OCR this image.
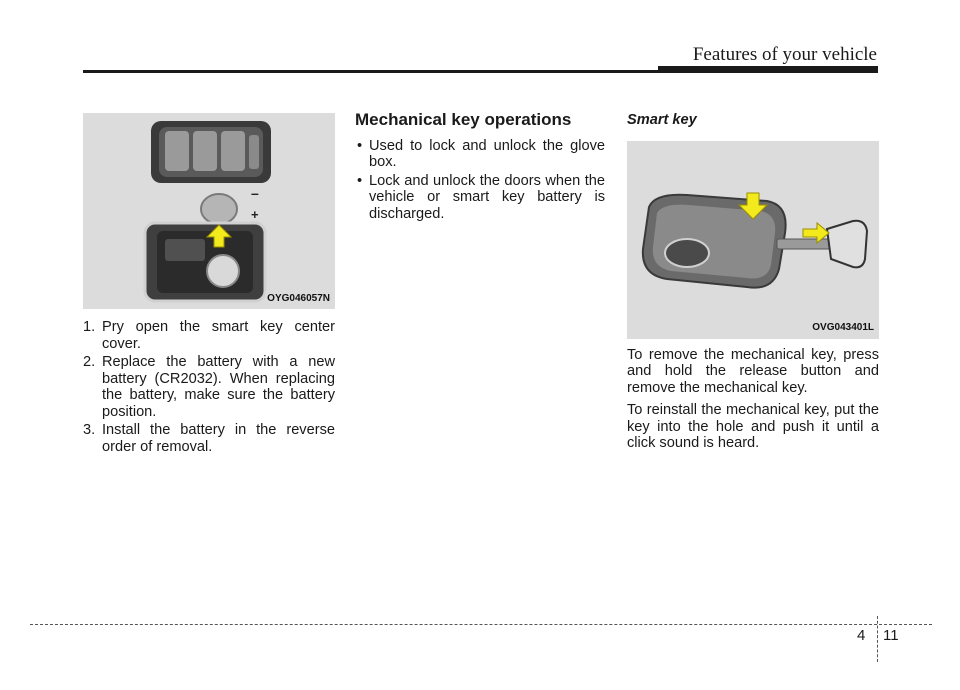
Features of your vehicle
–
+
OYG046057N
1. Pry open the smart key center cover.
2. Replace the battery with a new battery (CR2032). When replacing the battery, make sure the battery position.
3. Install the battery in the reverse order of removal.
Mechanical key operations
• Used to lock and unlock the glove box.
• Lock and unlock the doors when the vehicle or smart key battery is discharged.
Smart key
OVG043401L

To remove the mechanical key, press and hold the release button and remove the mechanical key.

To reinstall the mechanical key, put the key into the hole and push it until a click sound is heard.

4 11
